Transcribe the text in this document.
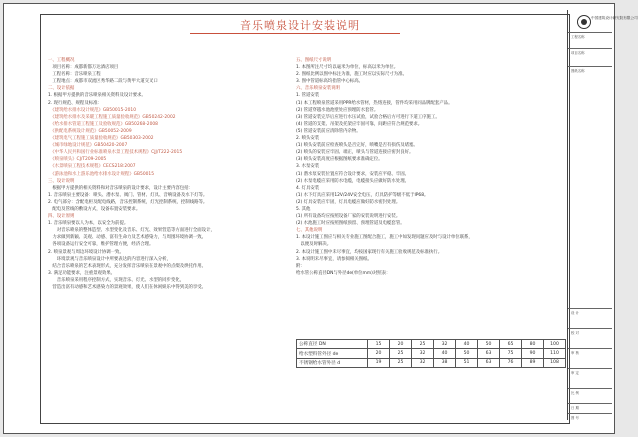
音乐喷泉设计安装说明
一、工程概况
　项目名称：成都新都万达酒店项目
　工程名称：音乐喷泉工程
　工程地点：成都市双流区秀华路二段与黄甲大道交叉口
二、设计依据
1. 根据甲方提供的音乐喷泉相关资料及设计要求。
2. 现行规范、规程及标准：
　《建筑给水排水设计规范》GB50015-2010
　《建筑给水排水及采暖工程施工质量验收规范》GB50242-2002
　《给水排水管道工程施工及验收规范》GB50268-2008
　《供配电系统设计规范》GB50052-2009
　《建筑电气工程施工质量验收规范》GB50303-2002
　《城市绿地设计规范》GB50420-2007
　《中华人民共和国行业标准喷泉水景工程技术规程》CJJ/T222-2015
　《喷泉喷头》CJ/T209-2005
　《水景喷泉工程技术规程》CECS218:2007
　《游泳池和水上游乐池给水排水设计规程》GB50015
三、设计说明
　根据甲方提供的相关资料和对音乐喷泉的设计要求，设计主要内容包括：
1. 音乐喷泉主要设备：喷头、潜水泵、阀门、管材、灯具、音响设备及水下灯等。
2. 电气部分：含配电柜及配电线路，音乐控制系统，灯光控制系统，控制线路等。
　配电及管线的敷设方式，设备布置安装要求。
四、设计原则
1. 音乐喷泉要以人为本，以安全为前提。
　　对音乐喷泉的整体造型、水型变化及音乐、灯光、效果营造等方面进行全面设计，
　力求做到新颖、美观、动感、富有生命力及艺术感染力，与周围环境协调一致。
　各项设备运行安全可靠，维护管理方便，经济合理。
2. 喷泉景观与周边环境设计协调一致。
　　环境景观与音乐喷泉设计中所要表达的内容进行深入分析，
　结合音乐喷泉的艺术表现形式，充分发挥音乐喷泉在景观中的点缀及烘托作用。
3. 满足功能要求，注重景观效果。
　　音乐喷泉采用程序控制方式，实现音乐、灯光、水型的同步变化，
　营造出富有动感和艺术感染力的景观效果，使人们在休闲娱乐中得到美的享受。
五、图纸尺寸说明
1. 本图所注尺寸均以毫米为单位，标高以米为单位。
2. 图纸比例以图中标注为准，施工时应以实际尺寸为准。
3. 图中管道标高均指管中心标高。
六、音乐喷泉安装说明
1. 管道安装
(1) 本工程喷泉管道采用PPR给水管材，热熔连接，管件均采用同品牌配套产品。
(2) 管道穿越水池池壁处应预埋防水套管。
(3) 管道安装完毕后应进行水压试验，试验合格后方可进行下道工序施工。
(4) 管道的支架、吊架及托架应牢固可靠，间距应符合规范要求。
(5) 管道安装前应清除管内杂物。
2. 喷头安装
(1) 喷头安装前应检查喷头是否完好，喷嘴是否有损伤及堵塞。
(2) 喷头的安装应牢固、端正，喷头与管道连接应密封良好。
(3) 喷头安装高度应根据图纸要求准确定位。
3. 水泵安装
(1) 潜水泵安装位置应符合设计要求，安装应平稳、牢固。
(2) 水泵电缆应采用防水电缆，电缆接头应做好防水处理。
4. 灯具安装
(1) 水下灯具应采用12V/24V安全电压，灯具防护等级不低于IP68。
(2) 灯具安装应牢固，灯具电缆应做好防水密封处理。
5. 其他
(1) 所有设备均应按照设备厂家的安装说明进行安装。
(2) 水池施工时应按照图纸预留、预埋管道及电缆套管。
七、其他说明
1. 本设计施工图应与相关专业施工图配合施工，施工中如发现问题应及时与设计单位联系，
　以便及时解决。
2. 本设计施工图中未尽事宜，均按国家现行有关施工验收规范及标准执行。
3. 本说明未尽事宜，请参阅相关图纸。
附：
给水管公称直径DN与外径de(单位mm)对照表：
公称直径 DN	15	20	25	32	40	50	65	80	100
给水塑料管外径 de	20	25	32	40	50	63	75	90	110
不锈钢给水管外径 d	19	25	32	38	51	63	76	89	108
中国建筑设计研究院有限公司
工程名称
项目名称
图纸名称
设 计
校 对
审 核
审 定
比 例
日 期
图 号
